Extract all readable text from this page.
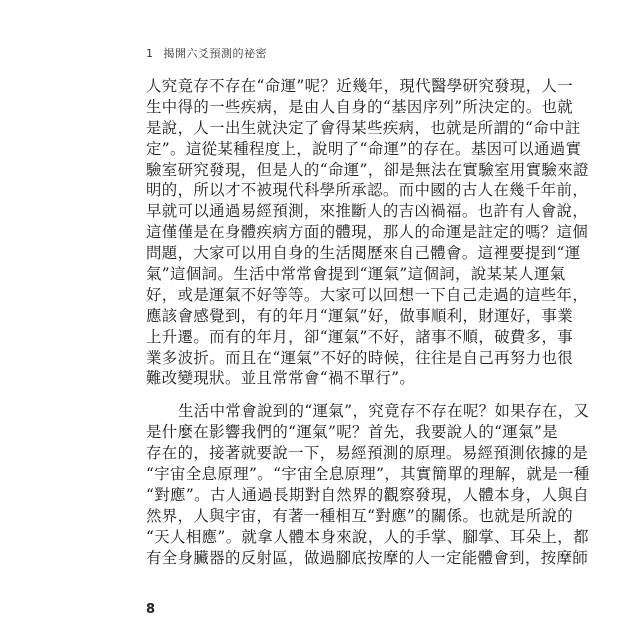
1 揭開六爻預測的祕密
人究竟存不存在“命運”呢？近幾年，現代醫學研究發現，人一
生中得的一些疾病，是由人自身的“基因序列”所決定的。也就
是說，人一出生就決定了會得某些疾病，也就是所謂的“命中註
定”。這從某種程度上，說明了“命運”的存在。基因可以通過實
驗室研究發現，但是人的“命運”，卻是無法在實驗室用實驗來證
明的，所以才不被現代科學所承認。而中國的古人在幾千年前，
早就可以通過易經預測，來推斷人的吉凶禍福。也許有人會說，
這僅僅是在身體疾病方面的體現，那人的命運是註定的嗎？這個
問題，大家可以用自身的生活閱歷來自己體會。這裡要提到“運
氣”這個詞。生活中常常會提到“運氣”這個詞，說某某人運氣
好，或是運氣不好等等。大家可以回想一下自己走過的這些年，
應該會感覺到，有的年月“運氣”好，做事順利，財運好，事業
上升遷。而有的年月，卻“運氣”不好，諸事不順，破費多，事
業多波折。而且在“運氣”不好的時候，往往是自己再努力也很
難改變現狀。並且常常會“禍不單行”。
生活中常會說到的“運氣”，究竟存不存在呢？如果存在，又
是什麼在影響我們的“運氣”呢？首先，我要說人的“運氣”是
存在的，接著就要說一下，易經預測的原理。易經預測依據的是
“宇宙全息原理”。“宇宙全息原理”，其實簡單的理解，就是一種
“對應”。古人通過長期對自然界的觀察發現，人體本身，人與自
然界，人與宇宙，有著一種相互“對應”的關係。也就是所說的
“天人相應”。就拿人體本身來說，人的手掌、腳掌、耳朵上，都
有全身臟器的反射區，做過腳底按摩的人一定能體會到，按摩師
8
